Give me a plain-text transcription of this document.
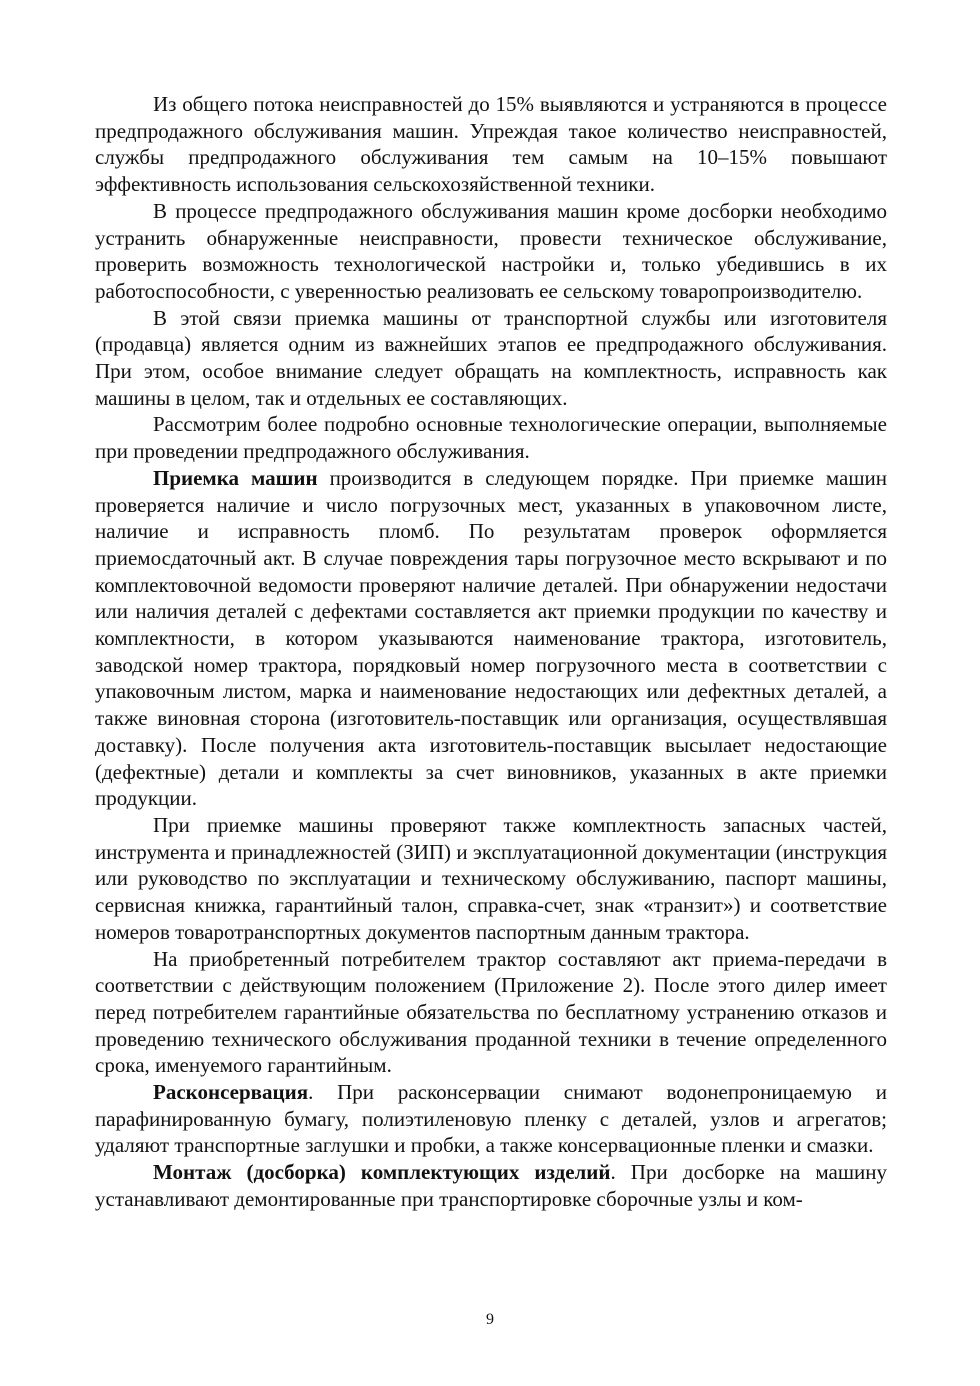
Из общего потока неисправностей до 15% выявляются и устраняются в процессе предпродажного обслуживания машин. Упреждая такое количество неисправностей, службы предпродажного обслуживания тем самым на 10–15% повышают эффективность использования сельскохозяйственной техники.

В процессе предпродажного обслуживания машин кроме досборки необходимо устранить обнаруженные неисправности, провести техническое обслуживание, проверить возможность технологической настройки и, только убедившись в их работоспособности, с уверенностью реализовать ее сельскому товаропроизводителю.

В этой связи приемка машины от транспортной службы или изготовителя (продавца) является одним из важнейших этапов ее предпродажного обслуживания. При этом, особое внимание следует обращать на комплектность, исправность как машины в целом, так и отдельных ее составляющих.

Рассмотрим более подробно основные технологические операции, выполняемые при проведении предпродажного обслуживания.

Приемка машин производится в следующем порядке. При приемке машин проверяется наличие и число погрузочных мест, указанных в упаковочном листе, наличие и исправность пломб. По результатам проверок оформляется приемосдаточный акт. В случае повреждения тары погрузочное место вскрывают и по комплектовочной ведомости проверяют наличие деталей. При обнаружении недостачи или наличия деталей с дефектами составляется акт приемки продукции по качеству и комплектности, в котором указываются наименование трактора, изготовитель, заводской номер трактора, порядковый номер погрузочного места в соответствии с упаковочным листом, марка и наименование недостающих или дефектных деталей, а также виновная сторона (изготовитель-поставщик или организация, осуществлявшая доставку). После получения акта изготовитель-поставщик высылает недостающие (дефектные) детали и комплекты за счет виновников, указанных в акте приемки продукции.

При приемке машины проверяют также комплектность запасных частей, инструмента и принадлежностей (ЗИП) и эксплуатационной документации (инструкция или руководство по эксплуатации и техническому обслуживанию, паспорт машины, сервисная книжка, гарантийный талон, справка-счет, знак «транзит») и соответствие номеров товаротранспортных документов паспортным данным трактора.

На приобретенный потребителем трактор составляют акт приема-передачи в соответствии с действующим положением (Приложение 2). После этого дилер имеет перед потребителем гарантийные обязательства по бесплатному устранению отказов и проведению технического обслуживания проданной техники в течение определенного срока, именуемого гарантийным.

Расконсервация. При расконсервации снимают водонепроницаемую и парафинированную бумагу, полиэтиленовую пленку с деталей, узлов и агрегатов; удаляют транспортные заглушки и пробки, а также консервационные пленки и смазки.

Монтаж (досборка) комплектующих изделий. При досборке на машину устанавливают демонтированные при транспортировке сборочные узлы и ком-

9
